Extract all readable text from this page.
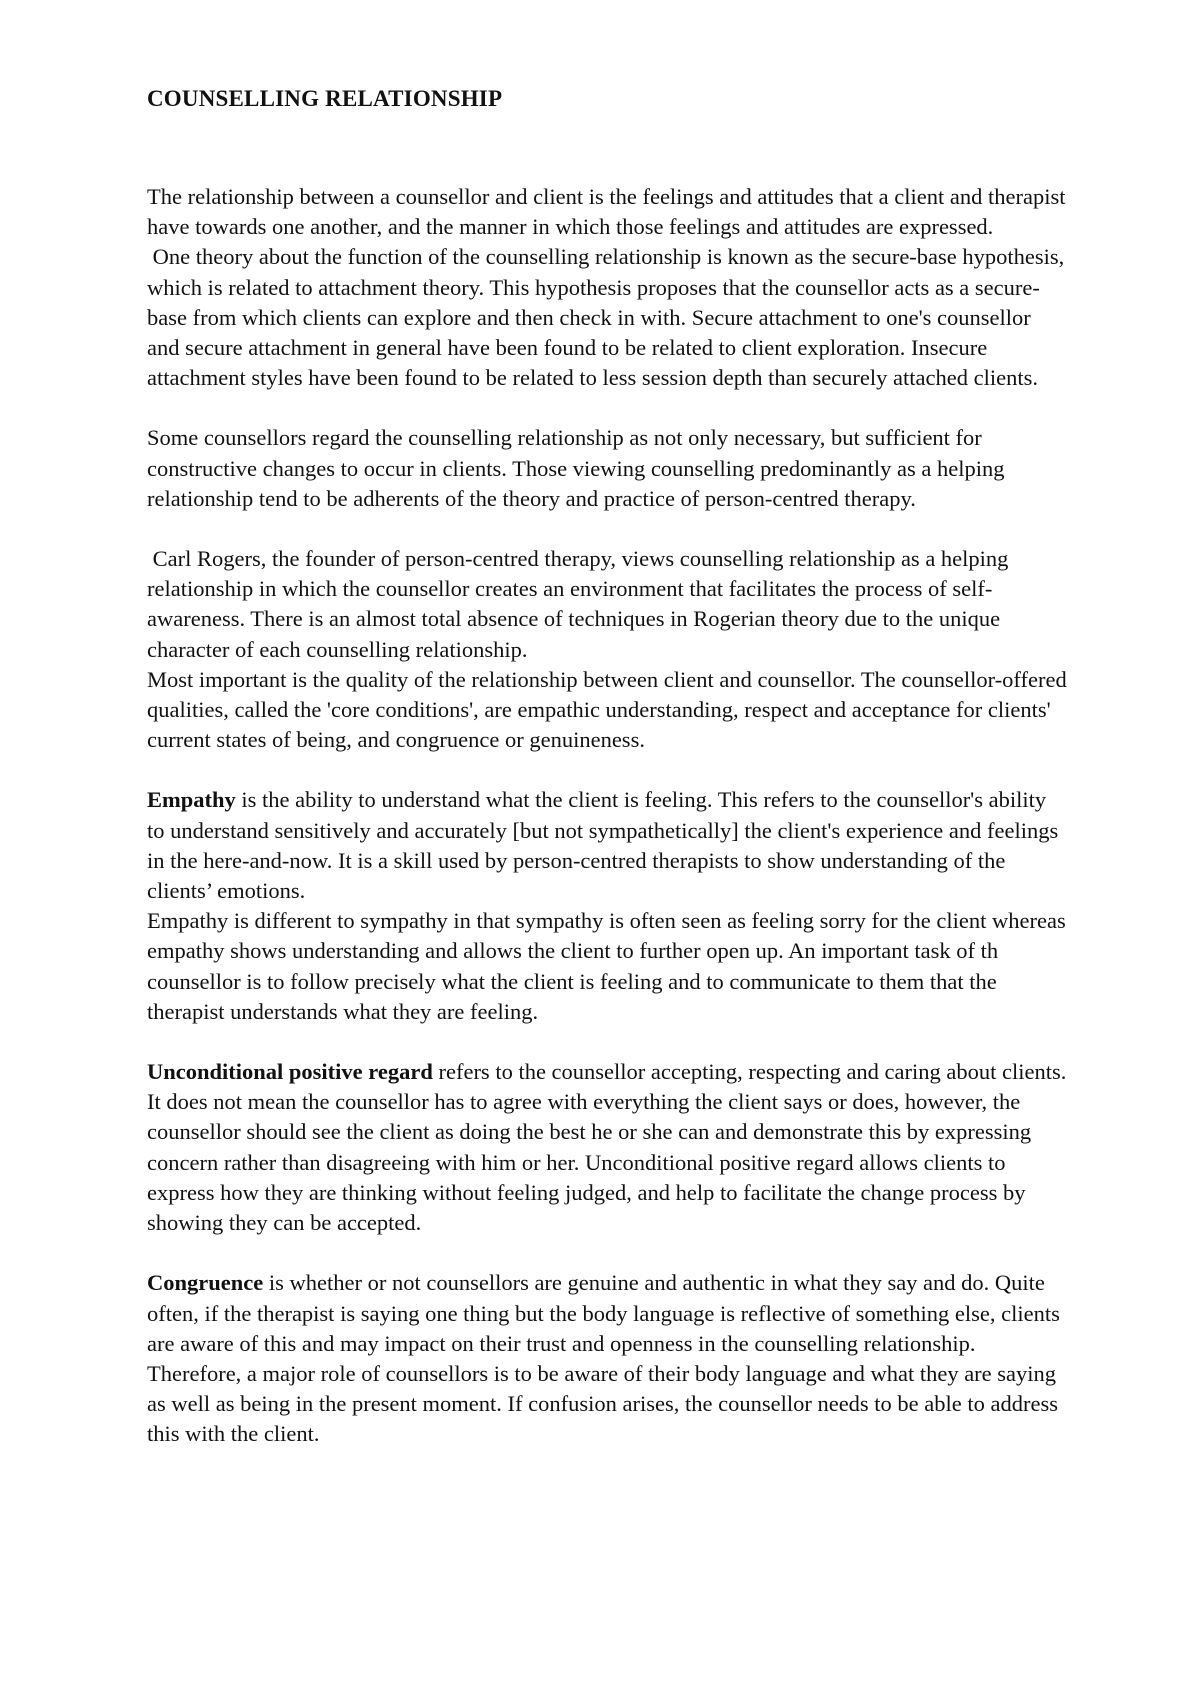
COUNSELLING RELATIONSHIP

The relationship between a counsellor and client is the feelings and attitudes that a client and therapist have towards one another, and the manner in which those feelings and attitudes are expressed.

One theory about the function of the counselling relationship is known as the secure-base hypothesis, which is related to attachment theory. This hypothesis proposes that the counsellor acts as a secure-base from which clients can explore and then check in with. Secure attachment to one's counsellor and secure attachment in general have been found to be related to client exploration. Insecure attachment styles have been found to be related to less session depth than securely attached clients.

Some counsellors regard the counselling relationship as not only necessary, but sufficient for constructive changes to occur in clients. Those viewing counselling predominantly as a helping relationship tend to be adherents of the theory and practice of person-centred therapy.

Carl Rogers, the founder of person-centred therapy, views counselling relationship as a helping relationship in which the counsellor creates an environment that facilitates the process of self-awareness. There is an almost total absence of techniques in Rogerian theory due to the unique character of each counselling relationship.

Most important is the quality of the relationship between client and counsellor. The counsellor-offered qualities, called the 'core conditions', are empathic understanding, respect and acceptance for clients' current states of being, and congruence or genuineness.

Empathy is the ability to understand what the client is feeling. This refers to the counsellor's ability to understand sensitively and accurately [but not sympathetically] the client's experience and feelings in the here-and-now. It is a skill used by person-centred therapists to show understanding of the clients’ emotions.

Empathy is different to sympathy in that sympathy is often seen as feeling sorry for the client whereas empathy shows understanding and allows the client to further open up. An important task of th counsellor is to follow precisely what the client is feeling and to communicate to them that the therapist understands what they are feeling.

Unconditional positive regard refers to the counsellor accepting, respecting and caring about clients. It does not mean the counsellor has to agree with everything the client says or does, however, the counsellor should see the client as doing the best he or she can and demonstrate this by expressing concern rather than disagreeing with him or her. Unconditional positive regard allows clients to express how they are thinking without feeling judged, and help to facilitate the change process by showing they can be accepted.

Congruence is whether or not counsellors are genuine and authentic in what they say and do. Quite often, if the therapist is saying one thing but the body language is reflective of something else, clients are aware of this and may impact on their trust and openness in the counselling relationship. Therefore, a major role of counsellors is to be aware of their body language and what they are saying as well as being in the present moment. If confusion arises, the counsellor needs to be able to address this with the client.
